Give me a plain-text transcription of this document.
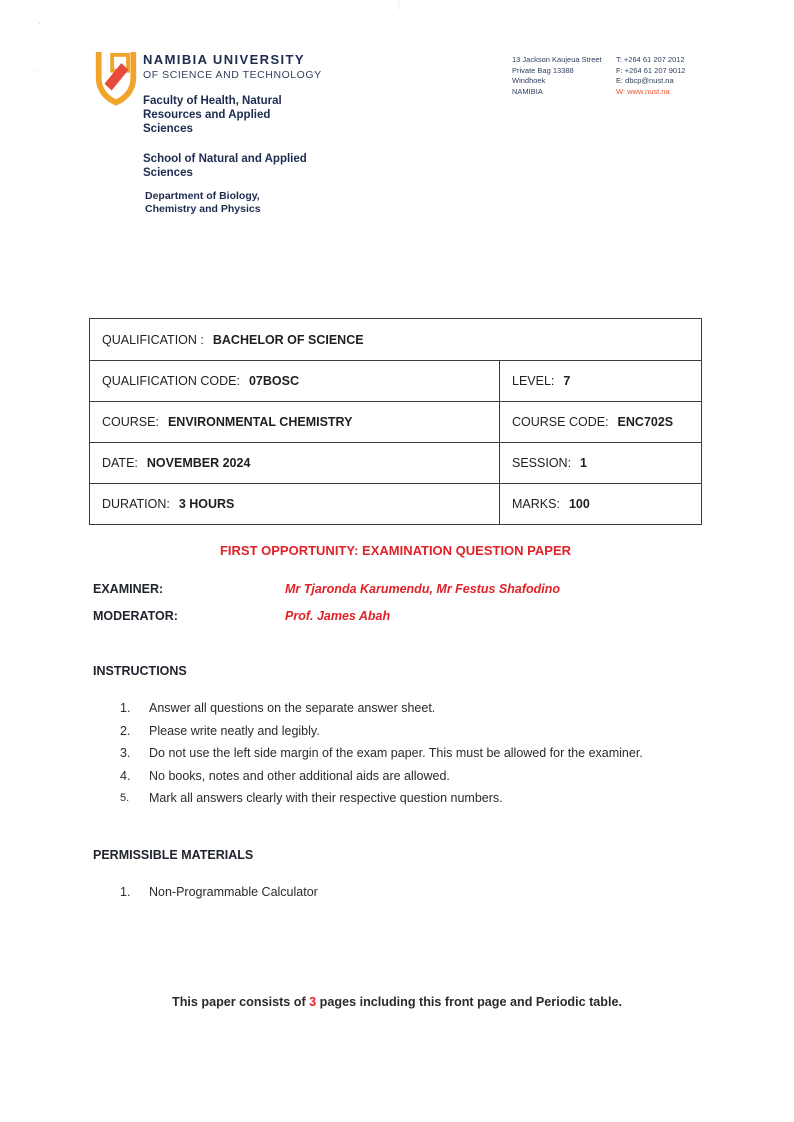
ʻ
‚
¦
NAMIBIA UNIVERSITY
OF SCIENCE AND TECHNOLOGY
Faculty of Health, Natural
Resources and Applied
Sciences
School of Natural and Applied
Sciences
Department of Biology,
Chemistry and Physics
13 Jackson Kaujeua Street
Private Bag 13388
Windhoek
NAMIBIA
T: +264 61 207 2012
F: +264 61 207 9012
E: dbcp@nust.na
W: www.nust.na
QUALIFICATION : BACHELOR OF SCIENCE
QUALIFICATION CODE: 07BOSC	LEVEL: 7
COURSE: ENVIRONMENTAL CHEMISTRY	COURSE CODE: ENC702S
DATE: NOVEMBER 2024	SESSION: 1
DURATION: 3 HOURS	MARKS: 100
FIRST OPPORTUNITY: EXAMINATION QUESTION PAPER
EXAMINER:	Mr Tjaronda Karumendu, Mr Festus Shafodino
MODERATOR:	Prof. James Abah
INSTRUCTIONS
1.	Answer all questions on the separate answer sheet.
2.	Please write neatly and legibly.
3.	Do not use the left side margin of the exam paper. This must be allowed for the examiner.
4.	No books, notes and other additional aids are allowed.
5.	Mark all answers clearly with their respective question numbers.
PERMISSIBLE MATERIALS
1.	Non-Programmable Calculator
This paper consists of 3 pages including this front page and Periodic table.
